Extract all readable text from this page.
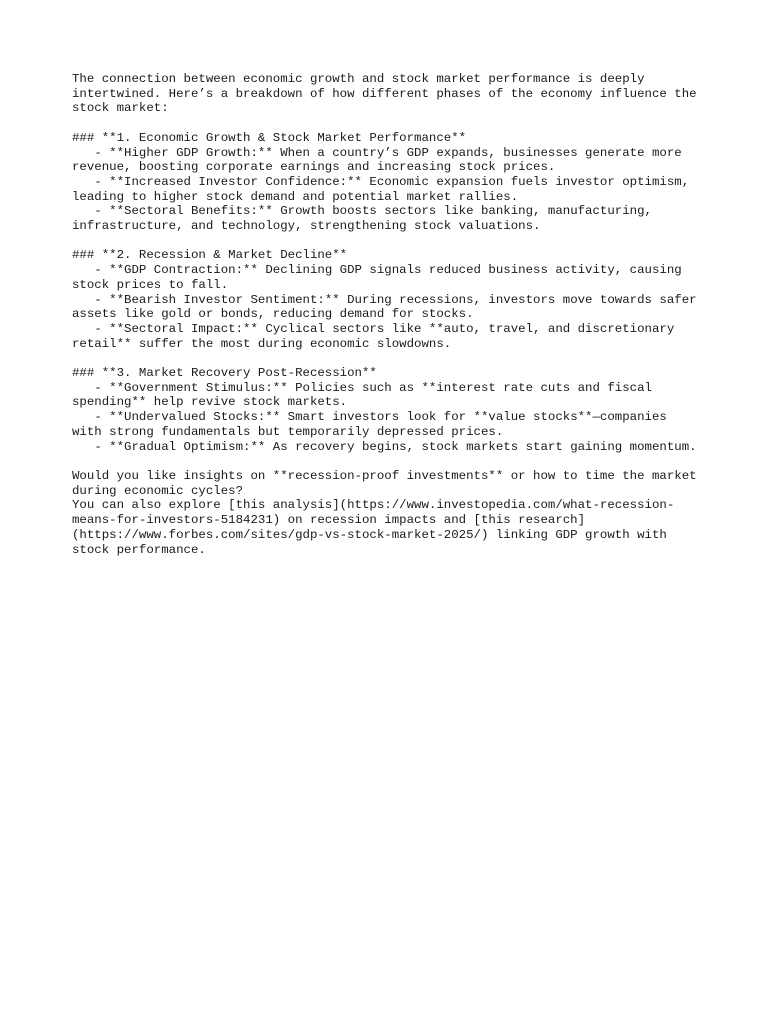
The connection between economic growth and stock market performance is deeply intertwined. Here’s a breakdown of how different phases of the economy influence the stock market:

### **1. Economic Growth & Stock Market Performance**
- **Higher GDP Growth:** When a country’s GDP expands, businesses generate more revenue, boosting corporate earnings and increasing stock prices.
- **Increased Investor Confidence:** Economic expansion fuels investor optimism, leading to higher stock demand and potential market rallies.
- **Sectoral Benefits:** Growth boosts sectors like banking, manufacturing, infrastructure, and technology, strengthening stock valuations.

### **2. Recession & Market Decline**
- **GDP Contraction:** Declining GDP signals reduced business activity, causing stock prices to fall.
- **Bearish Investor Sentiment:** During recessions, investors move towards safer assets like gold or bonds, reducing demand for stocks.
- **Sectoral Impact:** Cyclical sectors like **auto, travel, and discretionary retail** suffer the most during economic slowdowns.

### **3. Market Recovery Post-Recession**
- **Government Stimulus:** Policies such as **interest rate cuts and fiscal spending** help revive stock markets.
- **Undervalued Stocks:** Smart investors look for **value stocks**—companies with strong fundamentals but temporarily depressed prices.
- **Gradual Optimism:** As recovery begins, stock markets start gaining momentum.

Would you like insights on **recession-proof investments** or how to time the market during economic cycles?
You can also explore [this analysis](https://www.investopedia.com/what-recession-means-for-investors-5184231) on recession impacts and [this research](https://www.forbes.com/sites/gdp-vs-stock-market-2025/) linking GDP growth with stock performance.
